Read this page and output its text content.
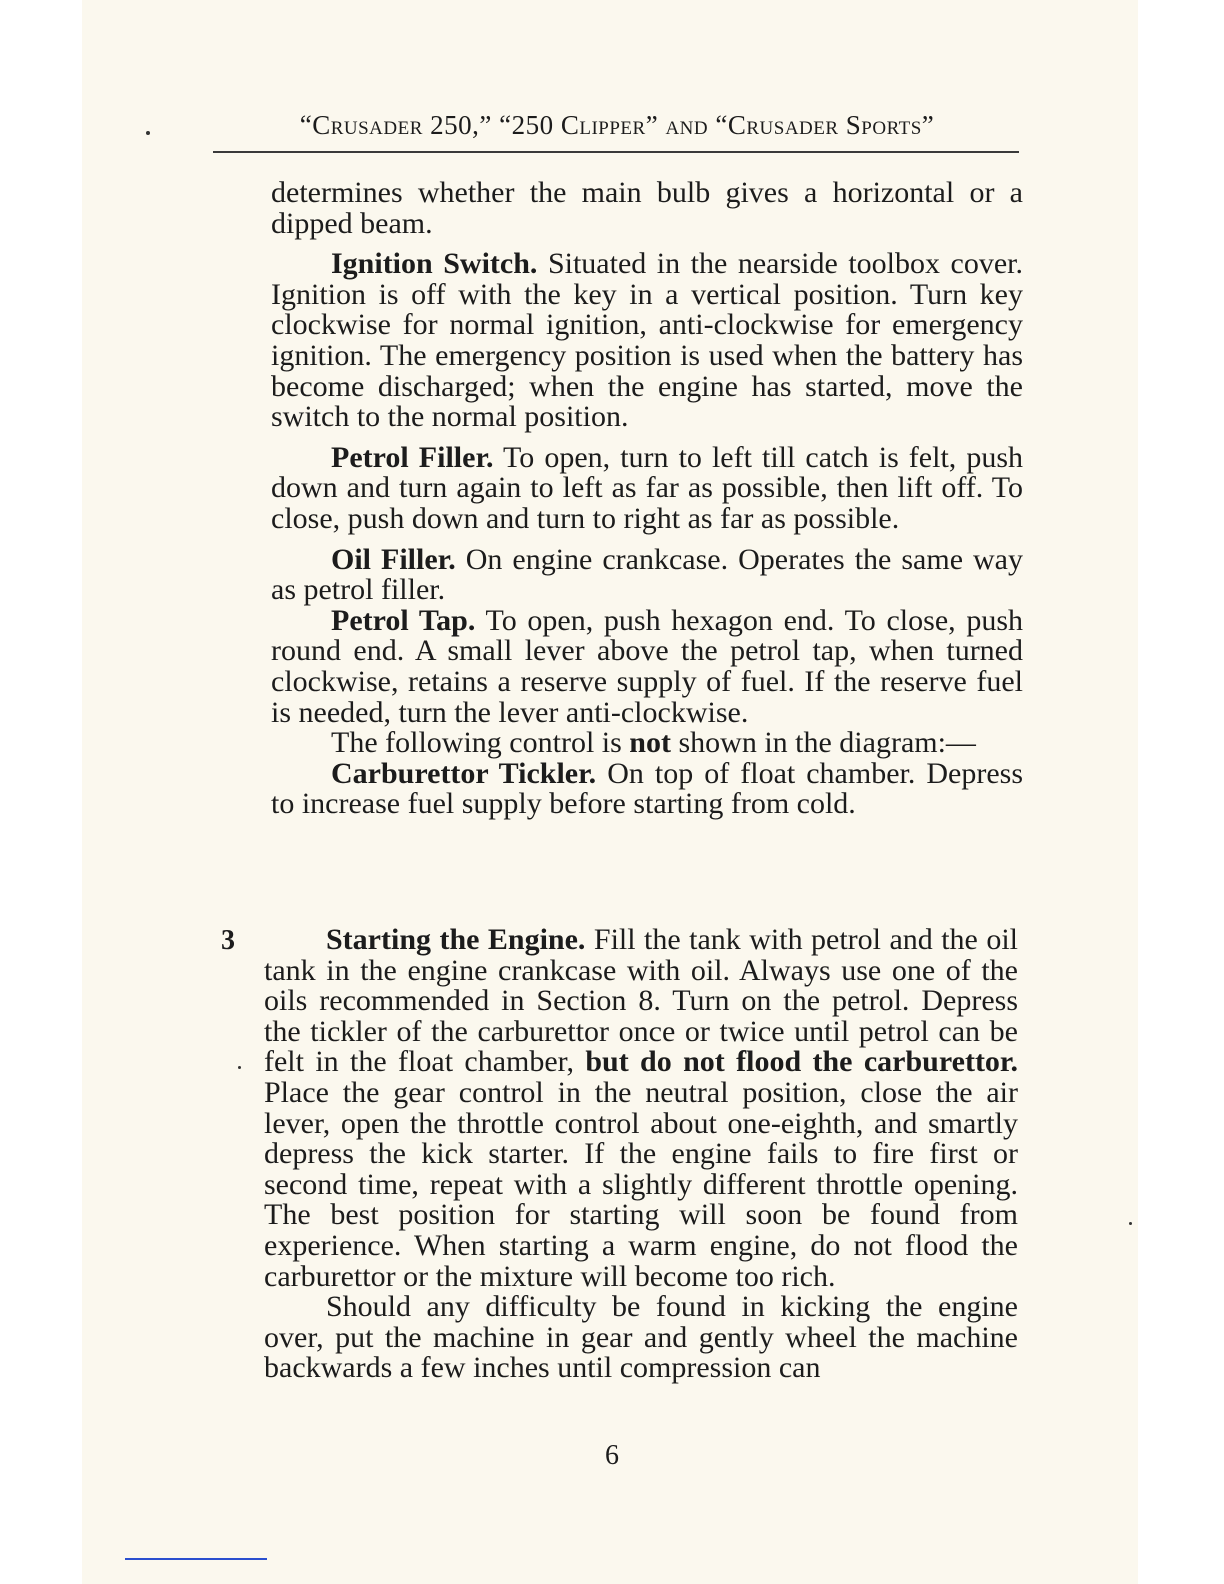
“Crusader 250,” “250 Clipper” and “Crusader Sports”

determines whether the main bulb gives a horizontal or a dipped beam.

Ignition Switch. Situated in the nearside toolbox cover. Ignition is off with the key in a vertical position. Turn key clockwise for normal ignition, anti-clockwise for emergency ignition. The emergency position is used when the battery has become discharged; when the engine has started, move the switch to the normal position.

Petrol Filler. To open, turn to left till catch is felt, push down and turn again to left as far as possible, then lift off. To close, push down and turn to right as far as possible.

Oil Filler. On engine crankcase. Operates the same way as petrol filler.

Petrol Tap. To open, push hexagon end. To close, push round end. A small lever above the petrol tap, when turned clockwise, retains a reserve supply of fuel. If the reserve fuel is needed, turn the lever anti-clockwise.

The following control is not shown in the diagram:—

Carburettor Tickler. On top of float chamber. Depress to increase fuel supply before starting from cold.

3	Starting the Engine. Fill the tank with petrol and the oil tank in the engine crankcase with oil. Always use one of the oils recommended in Section 8. Turn on the petrol. Depress the tickler of the carburettor once or twice until petrol can be felt in the float chamber, but do not flood the carburettor. Place the gear control in the neutral position, close the air lever, open the throttle control about one-eighth, and smartly depress the kick starter. If the engine fails to fire first or second time, repeat with a slightly different throttle opening. The best position for starting will soon be found from experience. When starting a warm engine, do not flood the carburettor or the mixture will become too rich.

Should any difficulty be found in kicking the engine over, put the machine in gear and gently wheel the machine backwards a few inches until compression can

6
